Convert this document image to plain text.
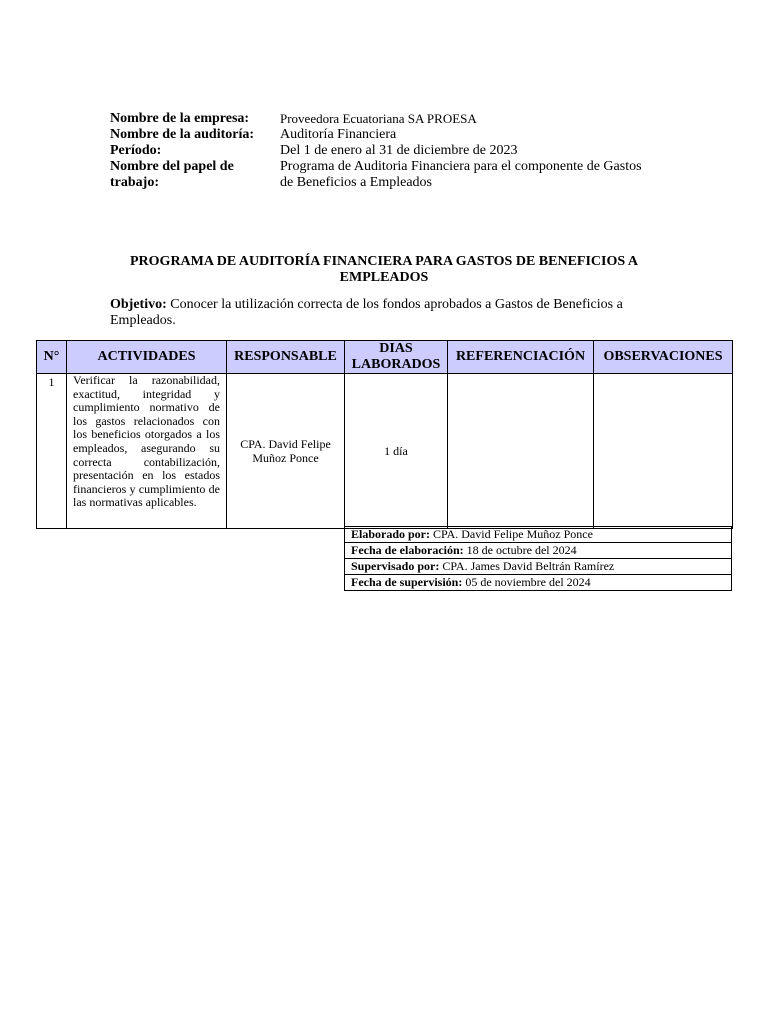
Nombre de la empresa:	Proveedora Ecuatoriana SA PROESA
Nombre de la auditoría:	Auditoría Financiera
Período:	Del 1 de enero al 31 de diciembre de 2023
Nombre del papel de trabajo:	Programa de Auditoria Financiera para el componente de Gastos de Beneficios a Empleados
PROGRAMA DE AUDITORÍA FINANCIERA PARA GASTOS DE BENEFICIOS A EMPLEADOS
Objetivo: Conocer la utilización correcta de los fondos aprobados a Gastos de Beneficios a Empleados.
N°	ACTIVIDADES	RESPONSABLE	DIAS LABORADOS	REFERENCIACIÓN	OBSERVACIONES
1	Verificar la razonabilidad, exactitud, integridad y cumplimiento normativo de los gastos relacionados con los beneficios otorgados a los empleados, asegurando su correcta contabilización, presentación en los estados financieros y cumplimiento de las normativas aplicables.	CPA. David Felipe Muñoz Ponce	1 día		
Elaborado por: CPA. David Felipe Muñoz Ponce
Fecha de elaboración: 18 de octubre del 2024
Supervisado por: CPA. James David Beltrán Ramírez
Fecha de supervisión: 05 de noviembre del 2024
